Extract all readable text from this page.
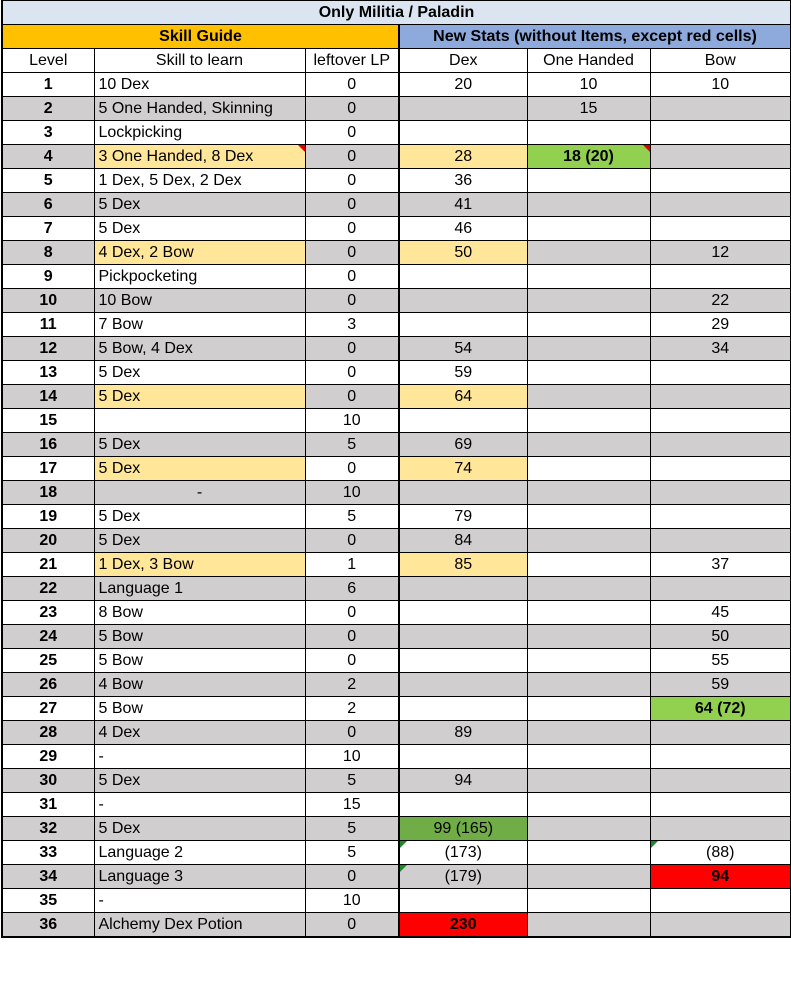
Only Militia / Paladin					
Skill Guide			New Stats (without Items, except red cells)		
Level	Skill to learn	leftover LP	Dex	One Handed	Bow
1	10 Dex	0	20	10	10
2	5 One Handed, Skinning	0		15	
3	Lockpicking	0			
4	3 One Handed, 8 Dex	0	28	18 (20)	
5	1 Dex, 5 Dex, 2 Dex	0	36		
6	5 Dex	0	41		
7	5 Dex	0	46		
8	4 Dex, 2 Bow	0	50		12
9	Pickpocketing	0			
10	10 Bow	0			22
11	7 Bow	3			29
12	5 Bow, 4 Dex	0	54		34
13	5 Dex	0	59		
14	5 Dex	0	64		
15		10			
16	5 Dex	5	69		
17	5 Dex	0	74		
18	-	10			
19	5 Dex	5	79		
20	5 Dex	0	84		
21	1 Dex, 3 Bow	1	85		37
22	Language 1	6			
23	8 Bow	0			45
24	5 Bow	0			50
25	5 Bow	0			55
26	4 Bow	2			59
27	5 Bow	2			64 (72)
28	4 Dex	0	89		
29	-	10			
30	5 Dex	5	94		
31	-	15			
32	5 Dex	5	99 (165)		
33	Language 2	5	(173)		(88)
34	Language 3	0	(179)		94
35	-	10			
36	Alchemy Dex Potion	0	230		
